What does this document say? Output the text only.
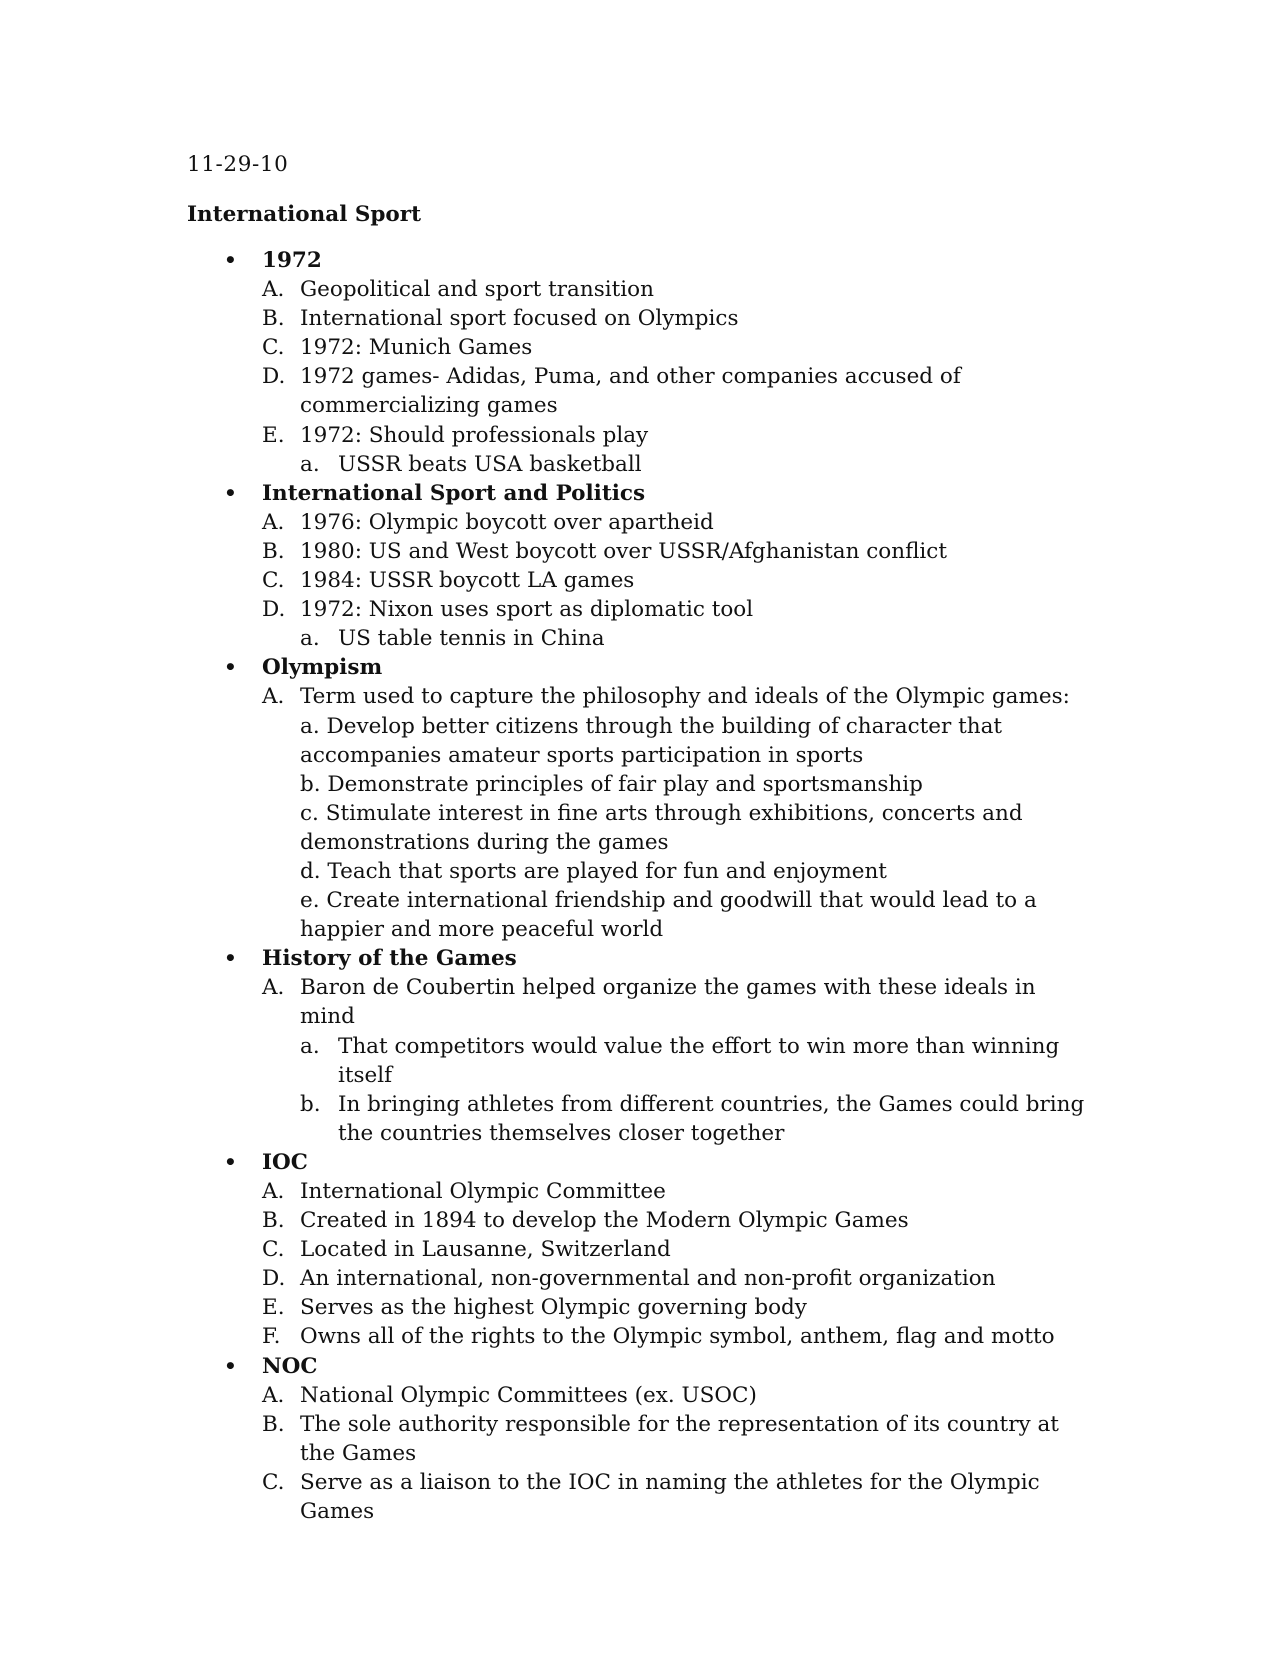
11-29-10
International Sport
• 1972
A. Geopolitical and sport transition
B. International sport focused on Olympics
C. 1972: Munich Games
D. 1972 games- Adidas, Puma, and other companies accused of commercializing games
E. 1972: Should professionals play
a. USSR beats USA basketball
• International Sport and Politics
A. 1976: Olympic boycott over apartheid
B. 1980: US and West boycott over USSR/Afghanistan conflict
C. 1984: USSR boycott LA games
D. 1972: Nixon uses sport as diplomatic tool
a. US table tennis in China
• Olympism
A. Term used to capture the philosophy and ideals of the Olympic games:
a. Develop better citizens through the building of character that accompanies amateur sports participation in sports
b. Demonstrate principles of fair play and sportsmanship
c. Stimulate interest in fine arts through exhibitions, concerts and demonstrations during the games
d. Teach that sports are played for fun and enjoyment
e. Create international friendship and goodwill that would lead to a happier and more peaceful world
• History of the Games
A. Baron de Coubertin helped organize the games with these ideals in mind
a. That competitors would value the effort to win more than winning itself
b. In bringing athletes from different countries, the Games could bring the countries themselves closer together
• IOC
A. International Olympic Committee
B. Created in 1894 to develop the Modern Olympic Games
C. Located in Lausanne, Switzerland
D. An international, non-governmental and non-profit organization
E. Serves as the highest Olympic governing body
F. Owns all of the rights to the Olympic symbol, anthem, flag and motto
• NOC
A. National Olympic Committees (ex. USOC)
B. The sole authority responsible for the representation of its country at the Games
C. Serve as a liaison to the IOC in naming the athletes for the Olympic Games
